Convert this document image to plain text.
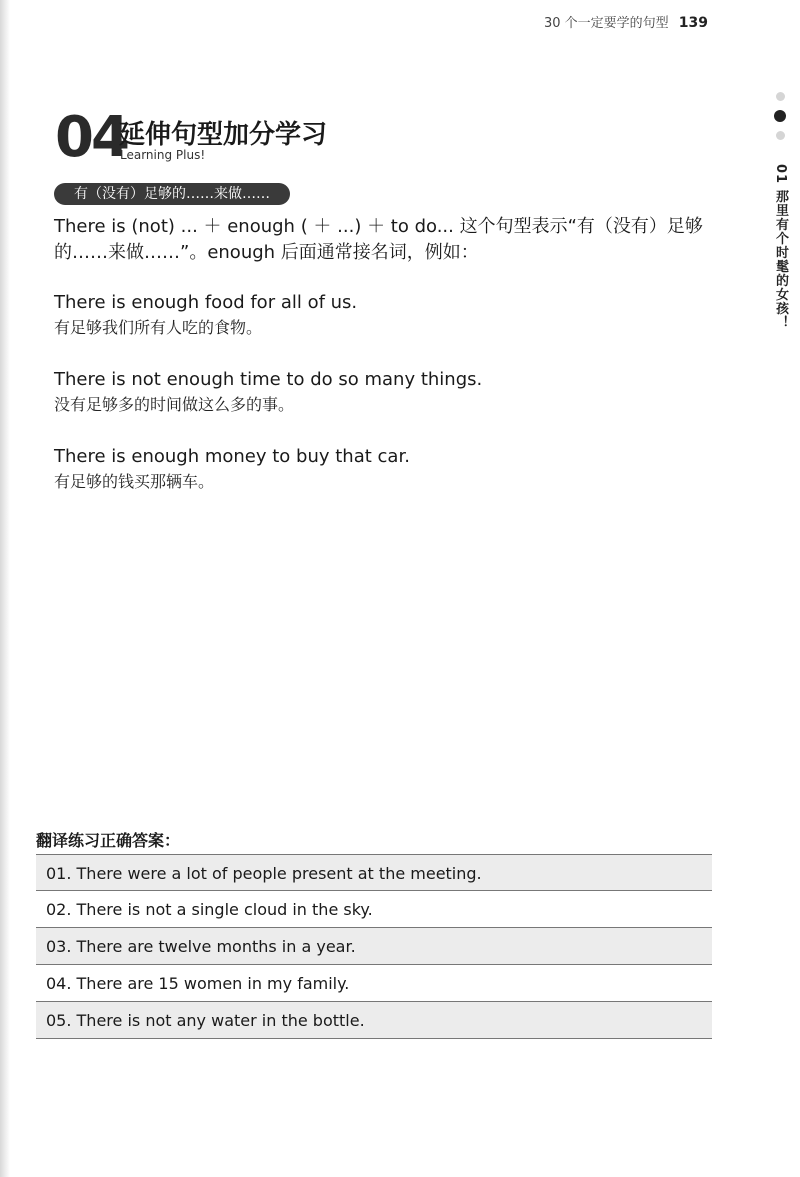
30 个一定要学的句型 139
01 那里有个时髦的女孩！
04
延伸句型加分学习
Learning Plus!
有（没有）足够的……来做……
There is (not) ... ＋ enough ( ＋ ...) ＋ to do... 这个句型表示“有（没有）足够的……来做……”。enough 后面通常接名词，例如：
There is enough food for all of us.
有足够我们所有人吃的食物。
There is not enough time to do so many things.
没有足够多的时间做这么多的事。
There is enough money to buy that car.
有足够的钱买那辆车。
翻译练习正确答案：
01. There were a lot of people present at the meeting.
02. There is not a single cloud in the sky.
03. There are twelve months in a year.
04. There are 15 women in my family.
05. There is not any water in the bottle.
